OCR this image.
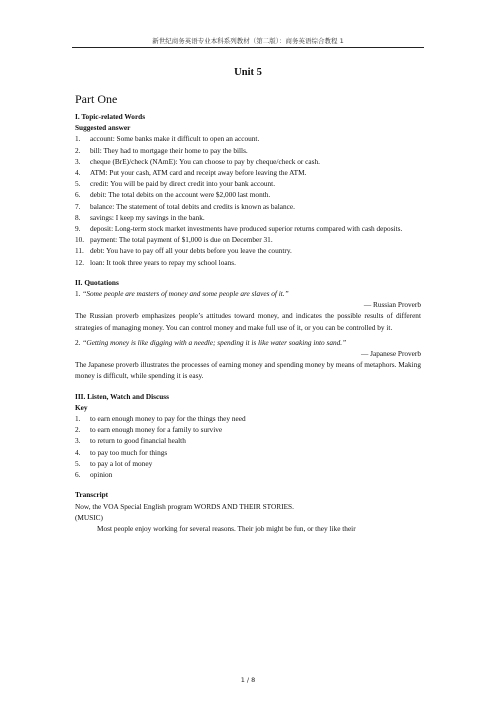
新世纪商务英语专业本科系列教材（第二版）：商务英语综合教程 1
Unit 5
Part One
I. Topic-related Words
Suggested answer
1.	account: Some banks make it difficult to open an account.
2.	bill: They had to mortgage their home to pay the bills.
3.	cheque (BrE)/check (NAmE): You can choose to pay by cheque/check or cash.
4.	ATM: Put your cash, ATM card and receipt away before leaving the ATM.
5.	credit: You will be paid by direct credit into your bank account.
6.	debit: The total debits on the account were $2,000 last month.
7.	balance: The statement of total debits and credits is known as balance.
8.	savings: I keep my savings in the bank.
9.	deposit: Long-term stock market investments have produced superior returns compared with cash deposits.
10. payment: The total payment of $1,000 is due on December 31.
11. debt: You have to pay off all your debts before you leave the country.
12. loan: It took three years to repay my school loans.
II. Quotations
1. “Some people are masters of money and some people are slaves of it.”
— Russian Proverb
The Russian proverb emphasizes people’s attitudes toward money, and indicates the possible results of different strategies of managing money. You can control money and make full use of it, or you can be controlled by it.
2. “Getting money is like digging with a needle; spending it is like water soaking into sand.”
— Japanese Proverb
The Japanese proverb illustrates the processes of earning money and spending money by means of metaphors. Making money is difficult, while spending it is easy.
III. Listen, Watch and Discuss
Key
1.	to earn enough money to pay for the things they need
2.	to earn enough money for a family to survive
3.	to return to good financial health
4.	to pay too much for things
5.	to pay a lot of money
6.	opinion
Transcript
Now, the VOA Special English program WORDS AND THEIR STORIES.
(MUSIC)
Most people enjoy working for several reasons. Their job might be fun, or they like their
1 / 8
